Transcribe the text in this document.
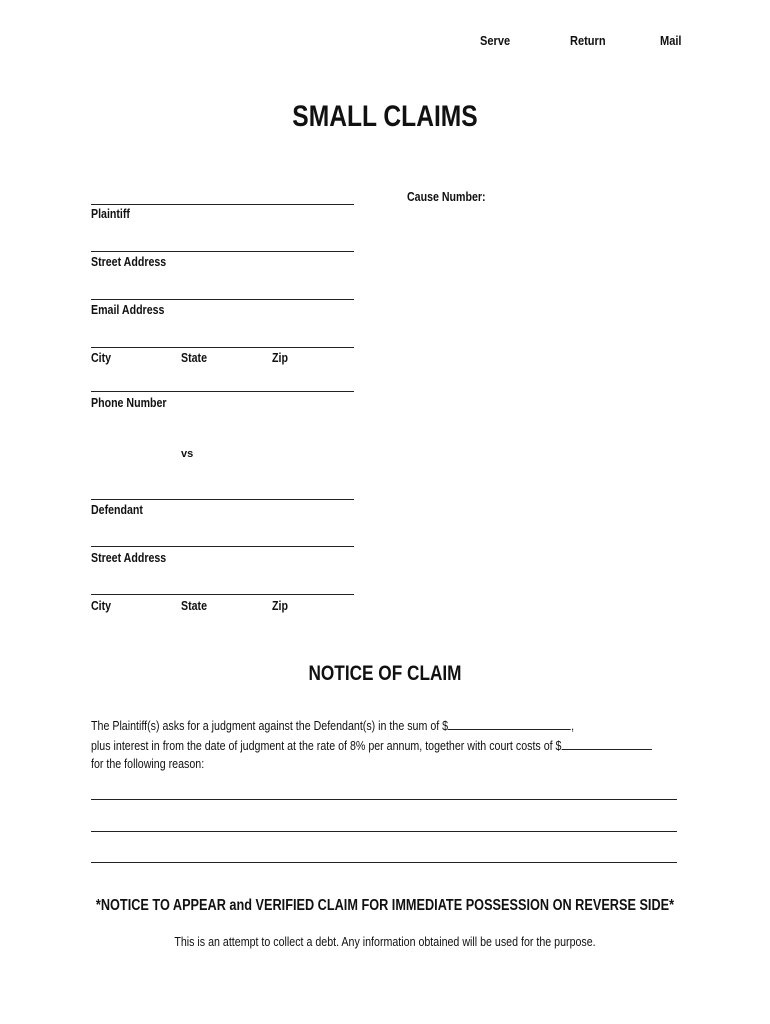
Serve	Return	Mail
SMALL CLAIMS
Cause Number:
Plaintiff
Street Address
Email Address
City	State	Zip
Phone Number
vs
Defendant
Street Address
City	State	Zip
NOTICE OF CLAIM
The Plaintiff(s) asks for a judgment against the Defendant(s) in the sum of $	,
plus interest in from the date of judgment at the rate of 8% per annum, together with court costs of $
for the following reason:
*NOTICE TO APPEAR and VERIFIED CLAIM FOR IMMEDIATE POSSESSION ON REVERSE SIDE*
This is an attempt to collect a debt. Any information obtained will be used for the purpose.
